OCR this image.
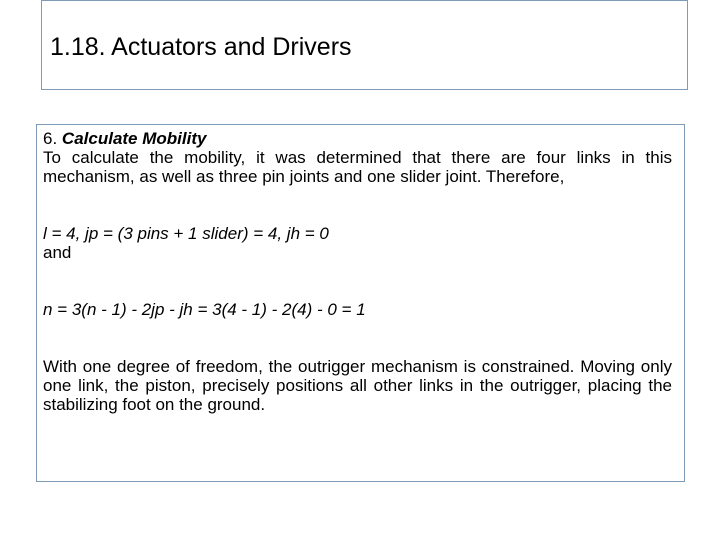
1.18. Actuators and Drivers

6. Calculate Mobility

To calculate the mobility, it was determined that there are four links in this mechanism, as well as three pin joints and one slider joint. Therefore,

l = 4, jp = (3 pins + 1 slider) = 4, jh = 0

and

n = 3(n - 1) - 2jp - jh = 3(4 - 1) - 2(4) - 0 = 1

With one degree of freedom, the outrigger mechanism is constrained. Moving only one link, the piston, precisely positions all other links in the outrigger, placing the stabilizing foot on the ground.
